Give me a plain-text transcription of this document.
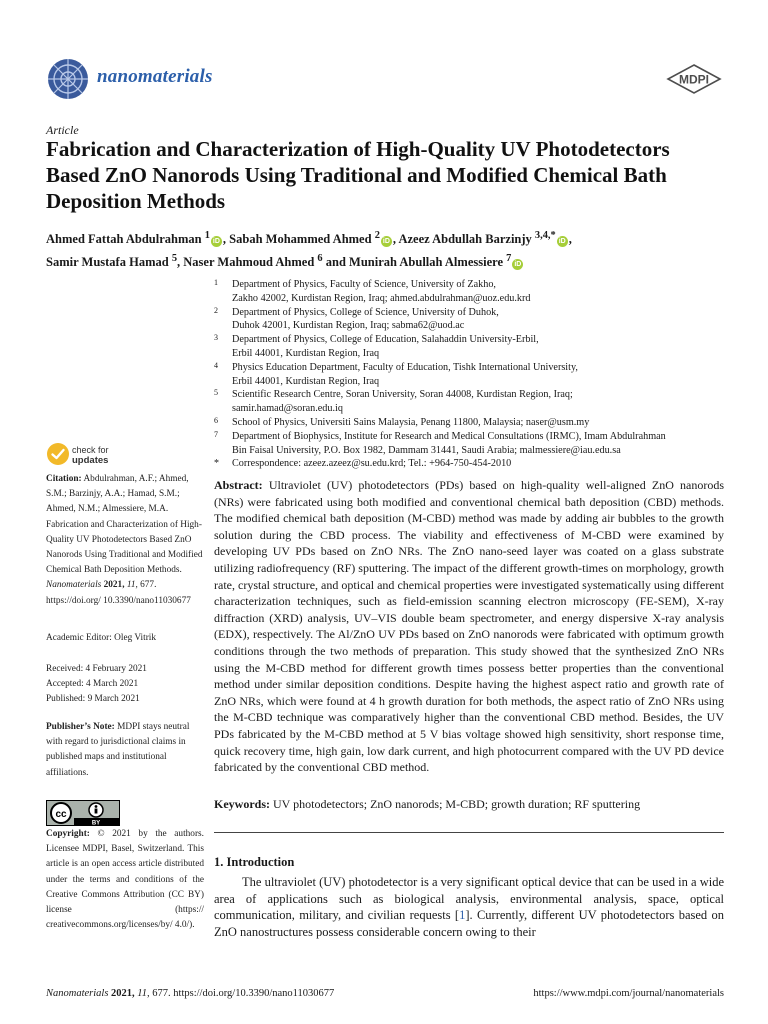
nanomaterials	MDPI
Article
Fabrication and Characterization of High-Quality UV Photodetectors Based ZnO Nanorods Using Traditional and Modified Chemical Bath Deposition Methods
Ahmed Fattah Abdulrahman $^1$iD , Sabah Mohammed Ahmed $^2$iD , Azeez Abdullah Barzinjy $^{3,4,*}$iD ,
Samir Mustafa Hamad $^5$, Naser Mahmoud Ahmed $^6$ and Munirah Abullah Almessiere $^7$iD
1 Department of Physics, Faculty of Science, University of Zakho,
Zakho 42002, Kurdistan Region, Iraq; ahmed.abdulrahman@uoz.edu.krd
2 Department of Physics, College of Science, University of Duhok,
Duhok 42001, Kurdistan Region, Iraq; sabma62@uod.ac
3 Department of Physics, College of Education, Salahaddin University-Erbil,
Erbil 44001, Kurdistan Region, Iraq
4 Physics Education Department, Faculty of Education, Tishk International University,
Erbil 44001, Kurdistan Region, Iraq
5 Scientific Research Centre, Soran University, Soran 44008, Kurdistan Region, Iraq;
samir.hamad@soran.edu.iq
6 School of Physics, Universiti Sains Malaysia, Penang 11800, Malaysia; naser@usm.my
7 Department of Biophysics, Institute for Research and Medical Consultations (IRMC), Imam Abdulrahman
Bin Faisal University, P.O. Box 1982, Dammam 31441, Saudi Arabia; malmessiere@iau.edu.sa
* Correspondence: azeez.azeez@su.edu.krd; Tel.: +964-750-454-2010
check for
updates
Citation: Abdulrahman, A.F.; Ahmed, S.M.; Barzinjy, A.A.; Hamad, S.M.; Ahmed, N.M.; Almessiere, M.A. Fabrication and Characterization of High-Quality UV Photodetectors Based ZnO Nanorods Using Traditional and Modified Chemical Bath Deposition Methods. Nanomaterials 2021, 11, 677. https://doi.org/ 10.3390/nano11030677
Academic Editor: Oleg Vitrik
Received: 4 February 2021
Accepted: 4 March 2021
Published: 9 March 2021
Publisher’s Note: MDPI stays neutral with regard to jurisdictional claims in published maps and institutional affiliations.
cc
BY
Copyright: © 2021 by the authors. Licensee MDPI, Basel, Switzerland. This article is an open access article distributed under the terms and conditions of the Creative Commons Attribution (CC BY) license (https:// creativecommons.org/licenses/by/ 4.0/).
Abstract: Ultraviolet (UV) photodetectors (PDs) based on high-quality well-aligned ZnO nanorods (NRs) were fabricated using both modified and conventional chemical bath deposition (CBD) methods. The modified chemical bath deposition (M-CBD) method was made by adding air bubbles to the growth solution during the CBD process. The viability and effectiveness of M-CBD were examined by developing UV PDs based on ZnO NRs. The ZnO nano-seed layer was coated on a glass substrate utilizing radiofrequency (RF) sputtering. The impact of the different growth-times on morphology, growth rate, crystal structure, and optical and chemical properties were investigated systematically using different characterization techniques, such as field-emission scanning electron microscopy (FE-SEM), X-ray diffraction (XRD) analysis, UV–VIS double beam spectrometer, and energy dispersive X-ray analysis (EDX), respectively. The Al/ZnO UV PDs based on ZnO nanorods were fabricated with optimum growth conditions through the two methods of preparation. This study showed that the synthesized ZnO NRs using the M-CBD method for different growth times possess better properties than the conventional method under similar deposition conditions. Despite having the highest aspect ratio and growth rate of ZnO NRs, which were found at 4 h growth duration for both methods, the aspect ratio of ZnO NRs using the M-CBD technique was comparatively higher than the conventional CBD method. Besides, the UV PDs fabricated by the M-CBD method at 5 V bias voltage showed high sensitivity, short response time, quick recovery time, high gain, low dark current, and high photocurrent compared with the UV PD device fabricated by the conventional CBD method.
Keywords: UV photodetectors; ZnO nanorods; M-CBD; growth duration; RF sputtering
1. Introduction
The ultraviolet (UV) photodetector is a very significant optical device that can be used in a wide area of applications such as biological analysis, environmental analysis, space, optical communication, military, and civilian requests [1]. Currently, different UV photodetectors based on ZnO nanostructures possess considerable concern owing to their
Nanomaterials 2021, 11, 677. https://doi.org/10.3390/nano11030677	https://www.mdpi.com/journal/nanomaterials
